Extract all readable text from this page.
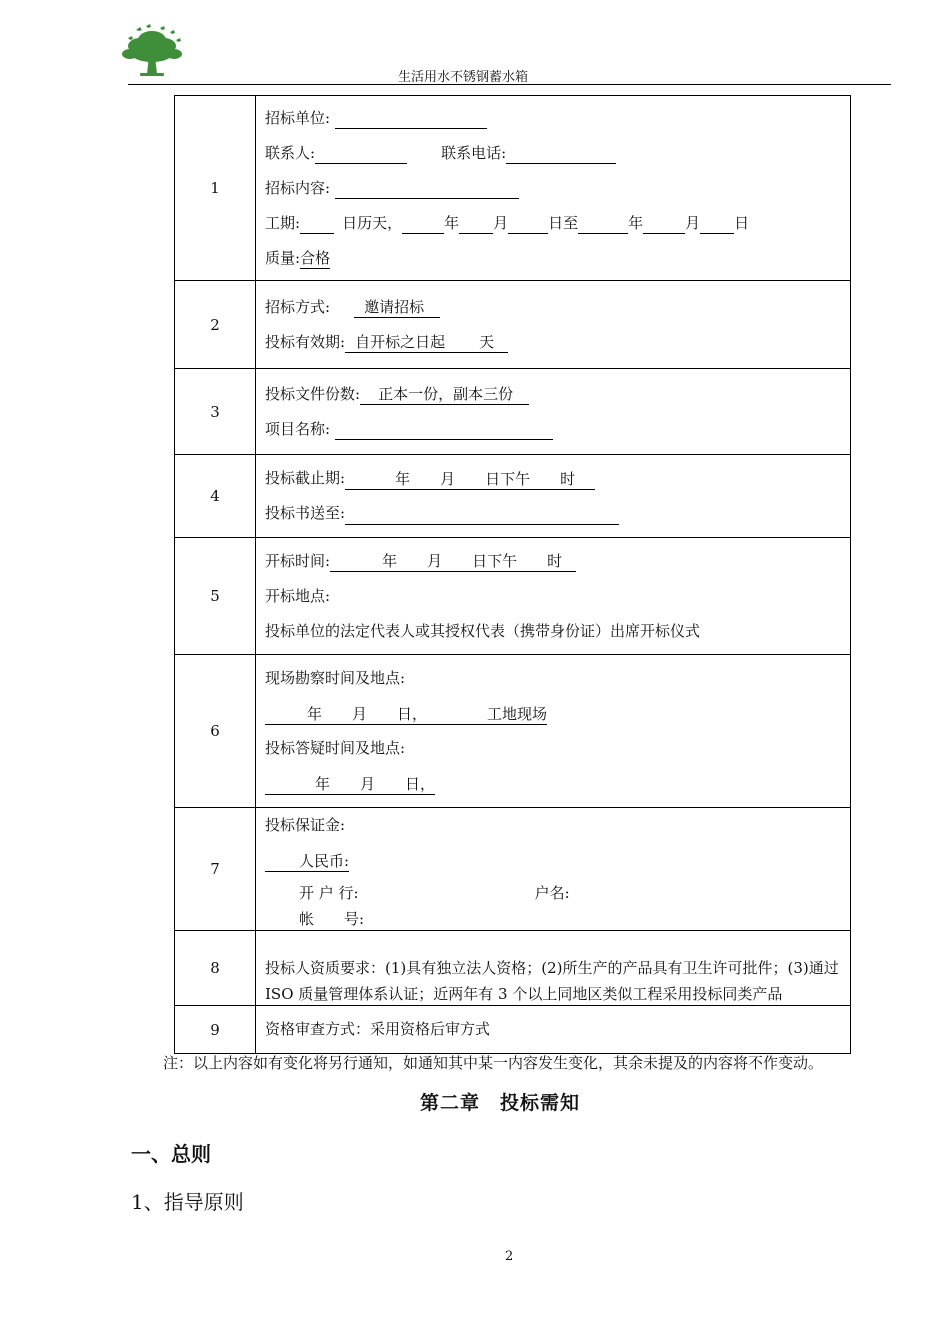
生活用水不锈钢蓄水箱
1	招标单位:
联系人: 联系电话:
招标内容:
工期: 日历天， 年 月 日至 年 月 日
质量:合格

2	招标方式: 邀请招标
投标有效期: 自开标之日起 天

3	投标文件份数: 正本一份，副本三份
项目名称:

4	投标截止期: 年　　月　　日下午　　时
投标书送至:

5	开标时间: 年　　月　　日下午　　时
开标地点:
投标单位的法定代表人或其授权代表（携带身份证）出席开标仪式

6	现场勘察时间及地点:
年　　月　　日， 工地现场
投标答疑时间及地点:
年　　月　　日，

7	投标保证金:
人民币:
开 户 行: 户名:
帐　　号:

8	投标人资质要求：(1)具有独立法人资格；(2)所生产的产品具有卫生许可批件；(3)通过 ISO 质量管理体系认证；近两年有 3 个以上同地区类似工程采用投标同类产品

9	资格审查方式：采用资格后审方式
注：以上内容如有变化将另行通知，如通知其中某一内容发生变化，其余未提及的内容将不作变动。
第二章　投标需知
一、总则
1、指导原则
2
